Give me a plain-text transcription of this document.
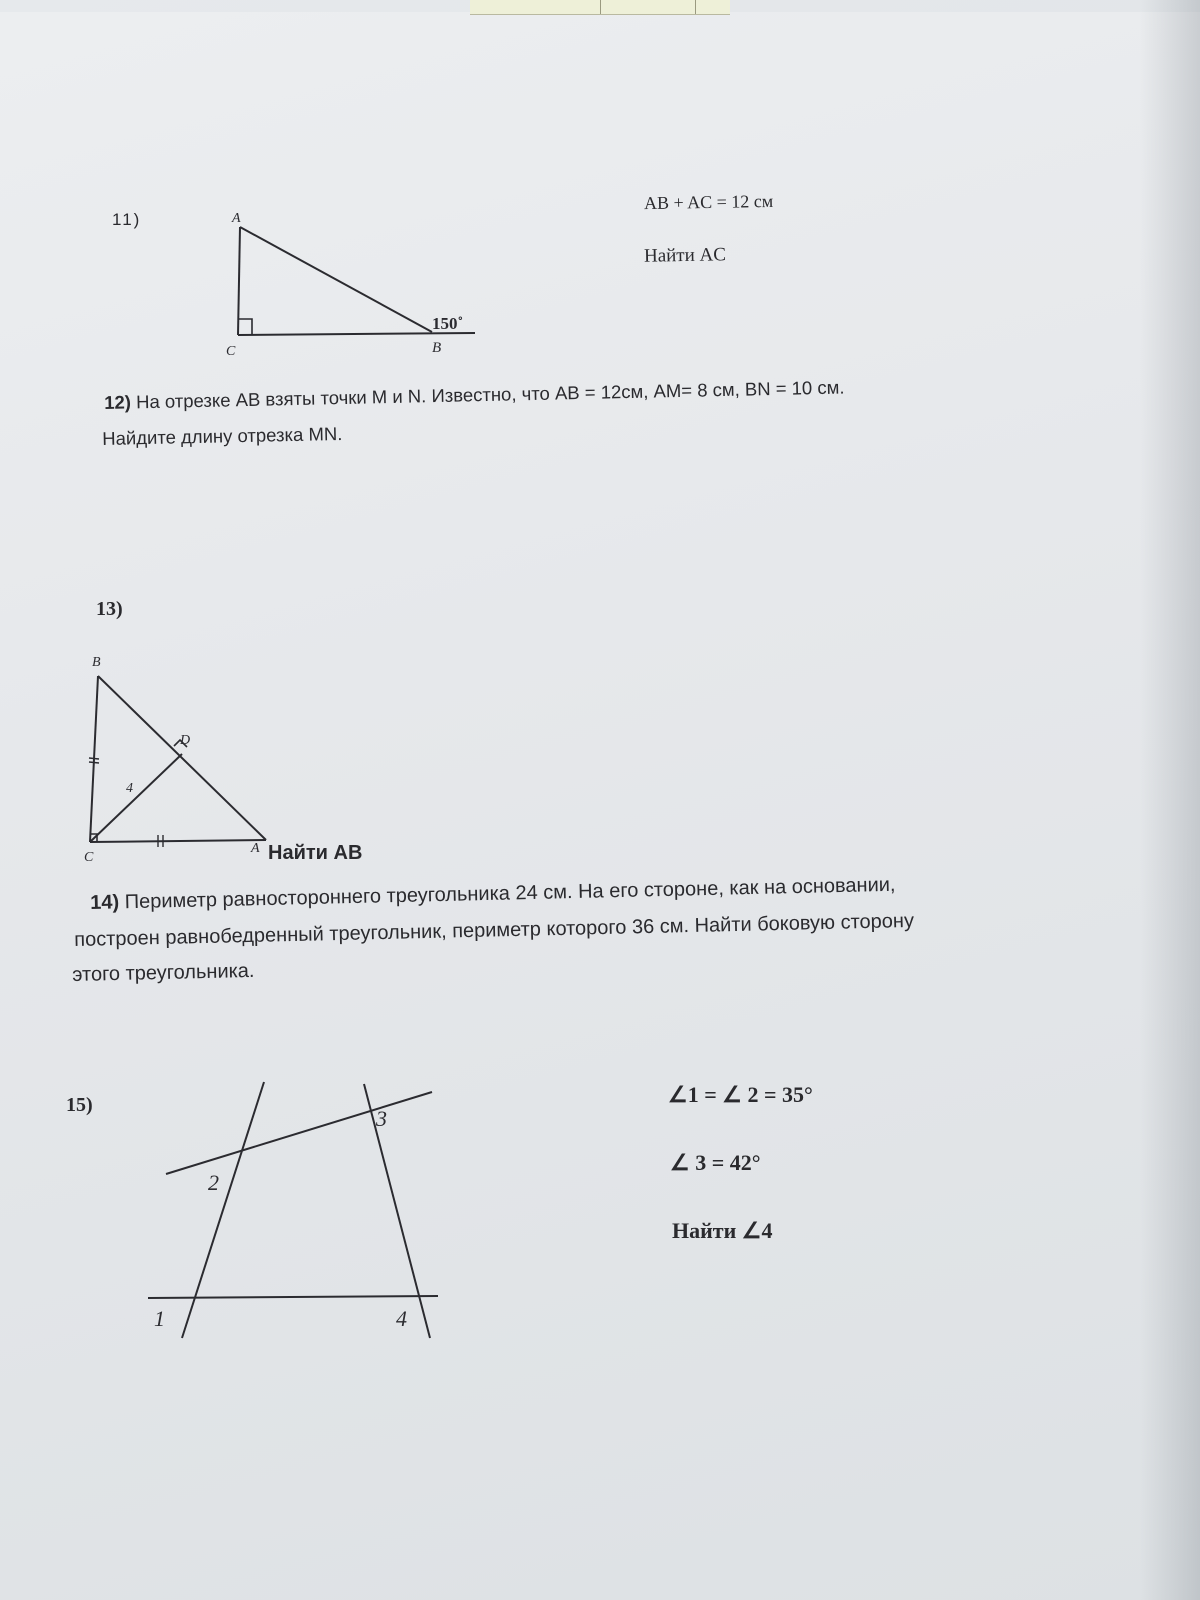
11)	A
C	B
150˚
AB + AC = 12 см
Найти AC
12) На отрезке AB взяты точки M и N. Известно, что AB = 12см, AM= 8 см, BN = 10 см.
Найдите длину отрезка MN.
13)
B
D
C
A
4
Найти AB
14) Периметр равностороннего треугольника 24 см. На его стороне, как на основании,
построен равнобедренный треугольник, периметр которого 36 см. Найти боковую сторону
этого треугольника.
15)
1
2
3
4
∠1 = ∠ 2 = 35°
∠ 3 = 42°
Найти ∠4
